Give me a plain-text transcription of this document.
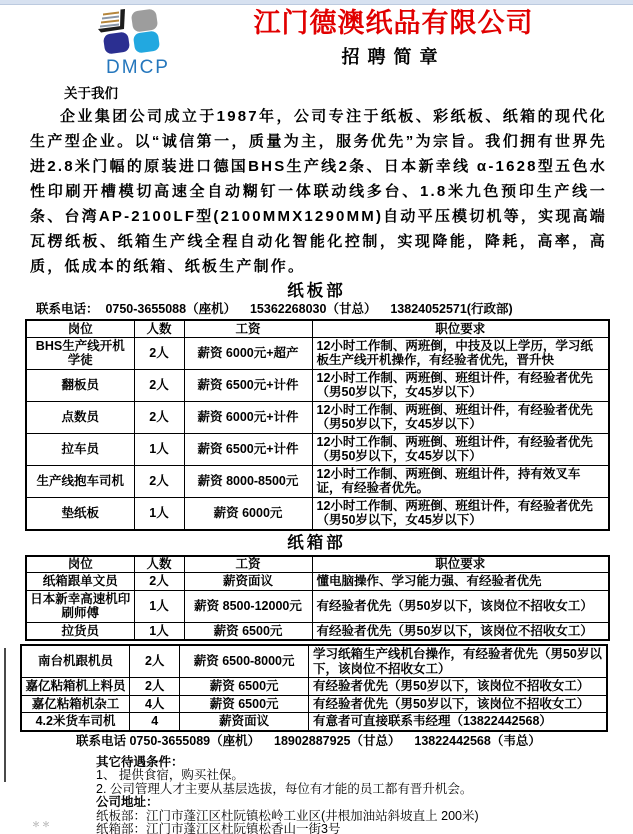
DMCP
江门德澳纸品有限公司
招聘简章
关于我们
企业集团公司成立于1987年，公司专注于纸板、彩纸板、纸箱的现代化生产型企业。以“诚信第一，质量为主，服务优先”为宗旨。我们拥有世界先进2.8米门幅的原装进口德国BHS生产线2条、日本新幸线 α-1628型五色水性印刷开槽模切高速全自动糊钉一体联动线多台、1.8米九色预印生产线一条、台湾AP-2100LF型(2100MMX1290MM)自动平压模切机等，实现高端瓦楞纸板、纸箱生产线全程自动化智能化控制，实现降能，降耗，高率，高质，低成本的纸箱、纸板生产制作。
纸板部
联系电话：  0750-3655088（座机）    15362268030（甘总）    13824052571(行政部)
岗位	人数	工资	职位要求
BHS生产线开机学徒	2人	薪资 6000元+超产	12小时工作制、两班倒，中技及以上学历，学习纸板生产线开机操作，有经验者优先，晋升快
翻板员	2人	薪资 6500元+计件	12小时工作制、两班倒、班组计件，有经验者优先（男50岁以下，女45岁以下）
点数员	2人	薪资 6000元+计件	12小时工作制、两班倒、班组计件，有经验者优先（男50岁以下，女45岁以下）
拉车员	1人	薪资 6500元+计件	12小时工作制、两班倒、班组计件，有经验者优先（男50岁以下，女45岁以下）
生产线抱车司机	2人	薪资 8000-8500元	12小时工作制、两班倒、班组计件，持有效叉车证，有经验者优先。
垫纸板	1人	薪资 6000元	12小时工作制、两班倒、班组计件，有经验者优先（男50岁以下，女45岁以下）
纸箱部
岗位	人数	工资	职位要求
纸箱跟单文员	2人	薪资面议	懂电脑操作、学习能力强、有经验者优先
日本新幸高速机印刷师傅	1人	薪资 8500-12000元	有经验者优先（男50岁以下，该岗位不招收女工）
拉货员	1人	薪资 6500元	有经验者优先（男50岁以下，该岗位不招收女工）
南台机跟机员	2人	薪资 6500-8000元	学习纸箱生产线机台操作，有经验者优先（男50岁以下，该岗位不招收女工）
嘉亿粘箱机上料员	2人	薪资 6500元	有经验者优先（男50岁以下，该岗位不招收女工）
嘉亿粘箱机杂工	4人	薪资 6500元	有经验者优先（男50岁以下，该岗位不招收女工）
4.2米货车司机	4	薪资面议	有意者可直接联系韦经理（13822442568）
联系电话 0750-3655089（座机）    18902887925（甘总）    13822442568（韦总）
其它待遇条件：
1、 提供食宿，购买社保。
2. 公司管理人才主要从基层选拔，每位有才能的员工都有晋升机会。
公司地址：
纸板部：江门市蓬江区杜阮镇松岭工业区(井根加油站斜坡直上 200米)
纸箱部：江门市蓬江区杜阮镇松香山一街3号
＊＊
